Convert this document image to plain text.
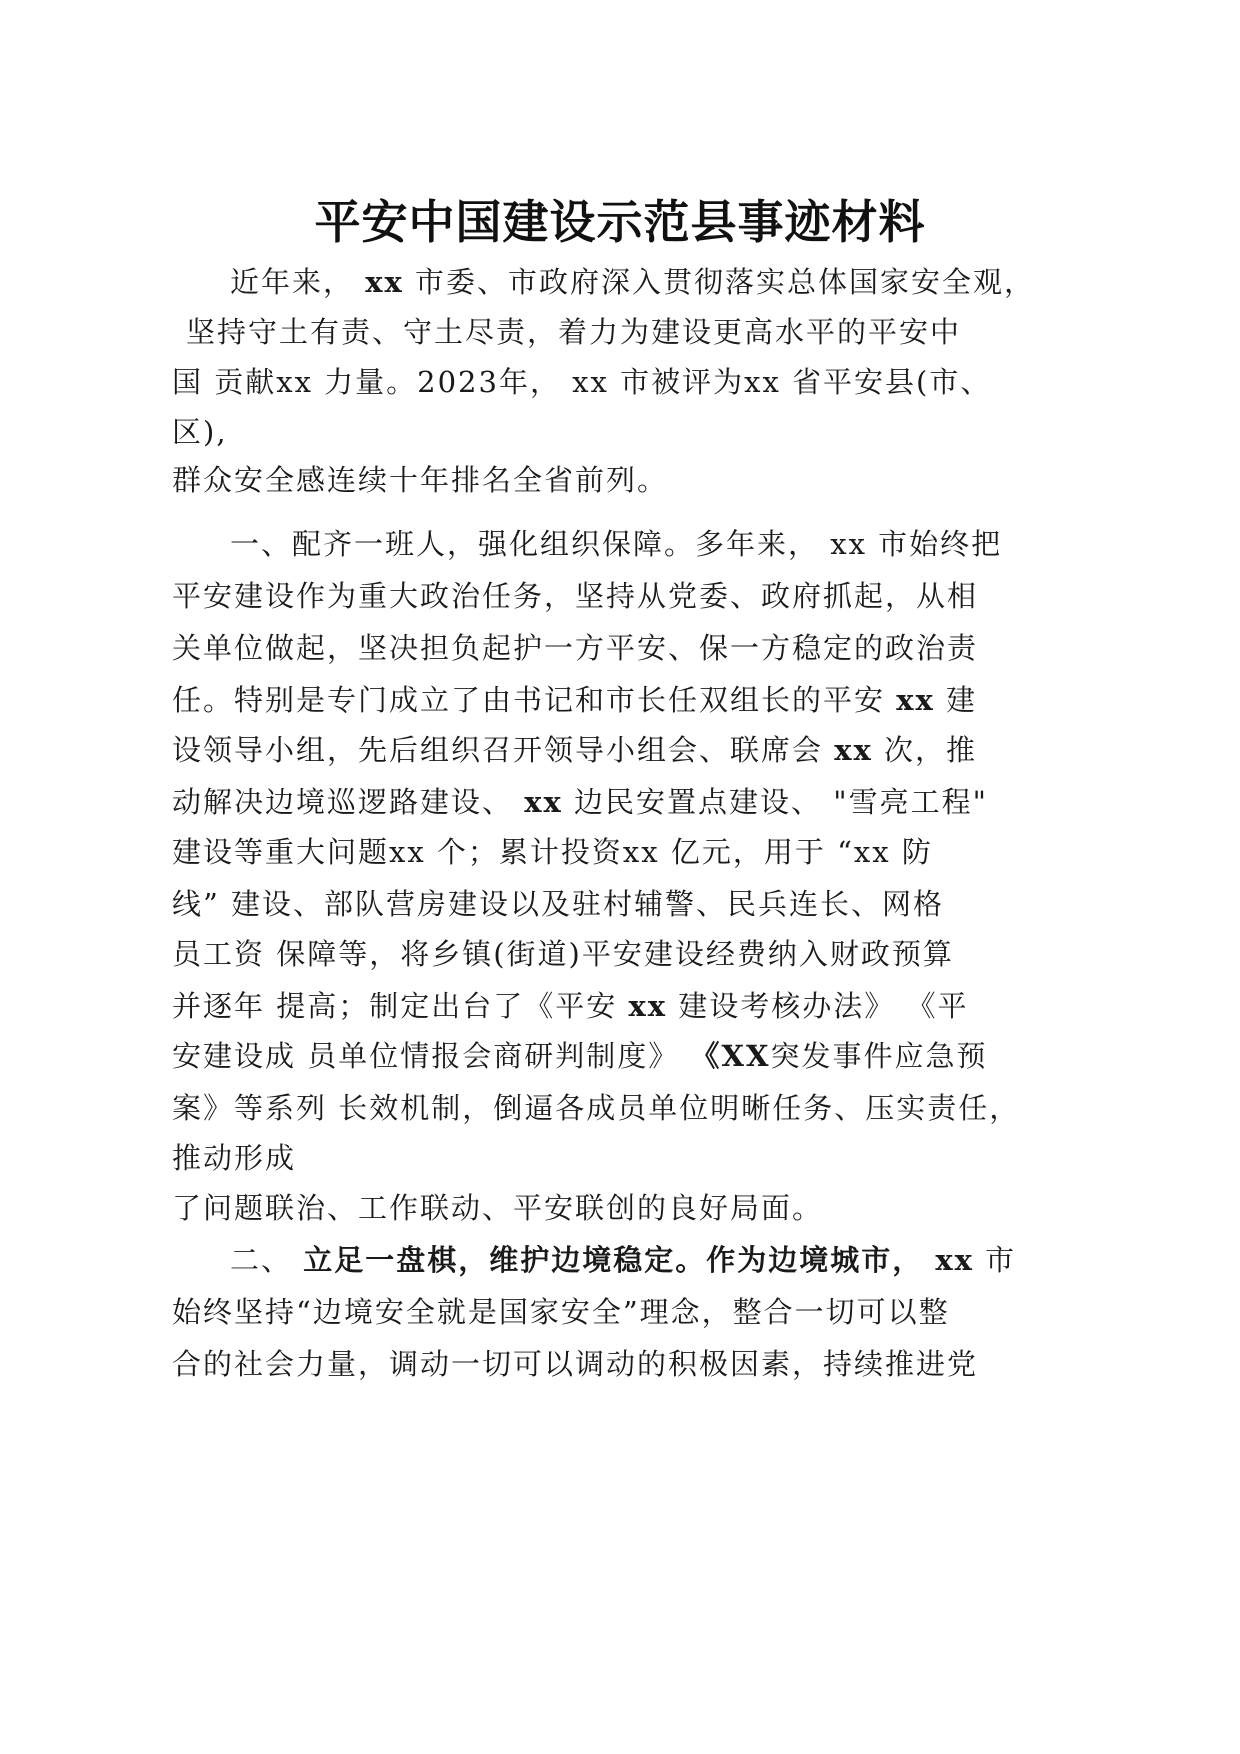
平安中国建设示范县事迹材料
近年来， xx 市委、市政府深入贯彻落实总体国家安全观，
坚持守土有责、守土尽责，着力为建设更高水平的平安中
国 贡献xx 力量。2023年， xx 市被评为xx 省平安县(市、
区),
群众安全感连续十年排名全省前列。
一、配齐一班人，强化组织保障。多年来， xx 市始终把
平安建设作为重大政治任务，坚持从党委、政府抓起，从相
关单位做起，坚决担负起护一方平安、保一方稳定的政治责
任。特别是专门成立了由书记和市长任双组长的平安 xx 建
设领导小组，先后组织召开领导小组会、联席会 xx 次，推
动解决边境巡逻路建设、 xx 边民安置点建设、 "雪亮工程"
建设等重大问题xx 个；累计投资xx 亿元，用于 “xx 防
线” 建设、部队营房建设以及驻村辅警、民兵连长、网格
员工资 保障等，将乡镇(街道)平安建设经费纳入财政预算
并逐年 提高；制定出台了《平安 xx 建设考核办法》 《平
安建设成 员单位情报会商研判制度》 《XX突发事件应急预
案》等系列 长效机制，倒逼各成员单位明晰任务、压实责任，
推动形成
了问题联治、工作联动、平安联创的良好局面。
二、 立足一盘棋，维护边境稳定。作为边境城市， xx 市
始终坚持“边境安全就是国家安全”理念，整合一切可以整
合的社会力量，调动一切可以调动的积极因素，持续推进党
